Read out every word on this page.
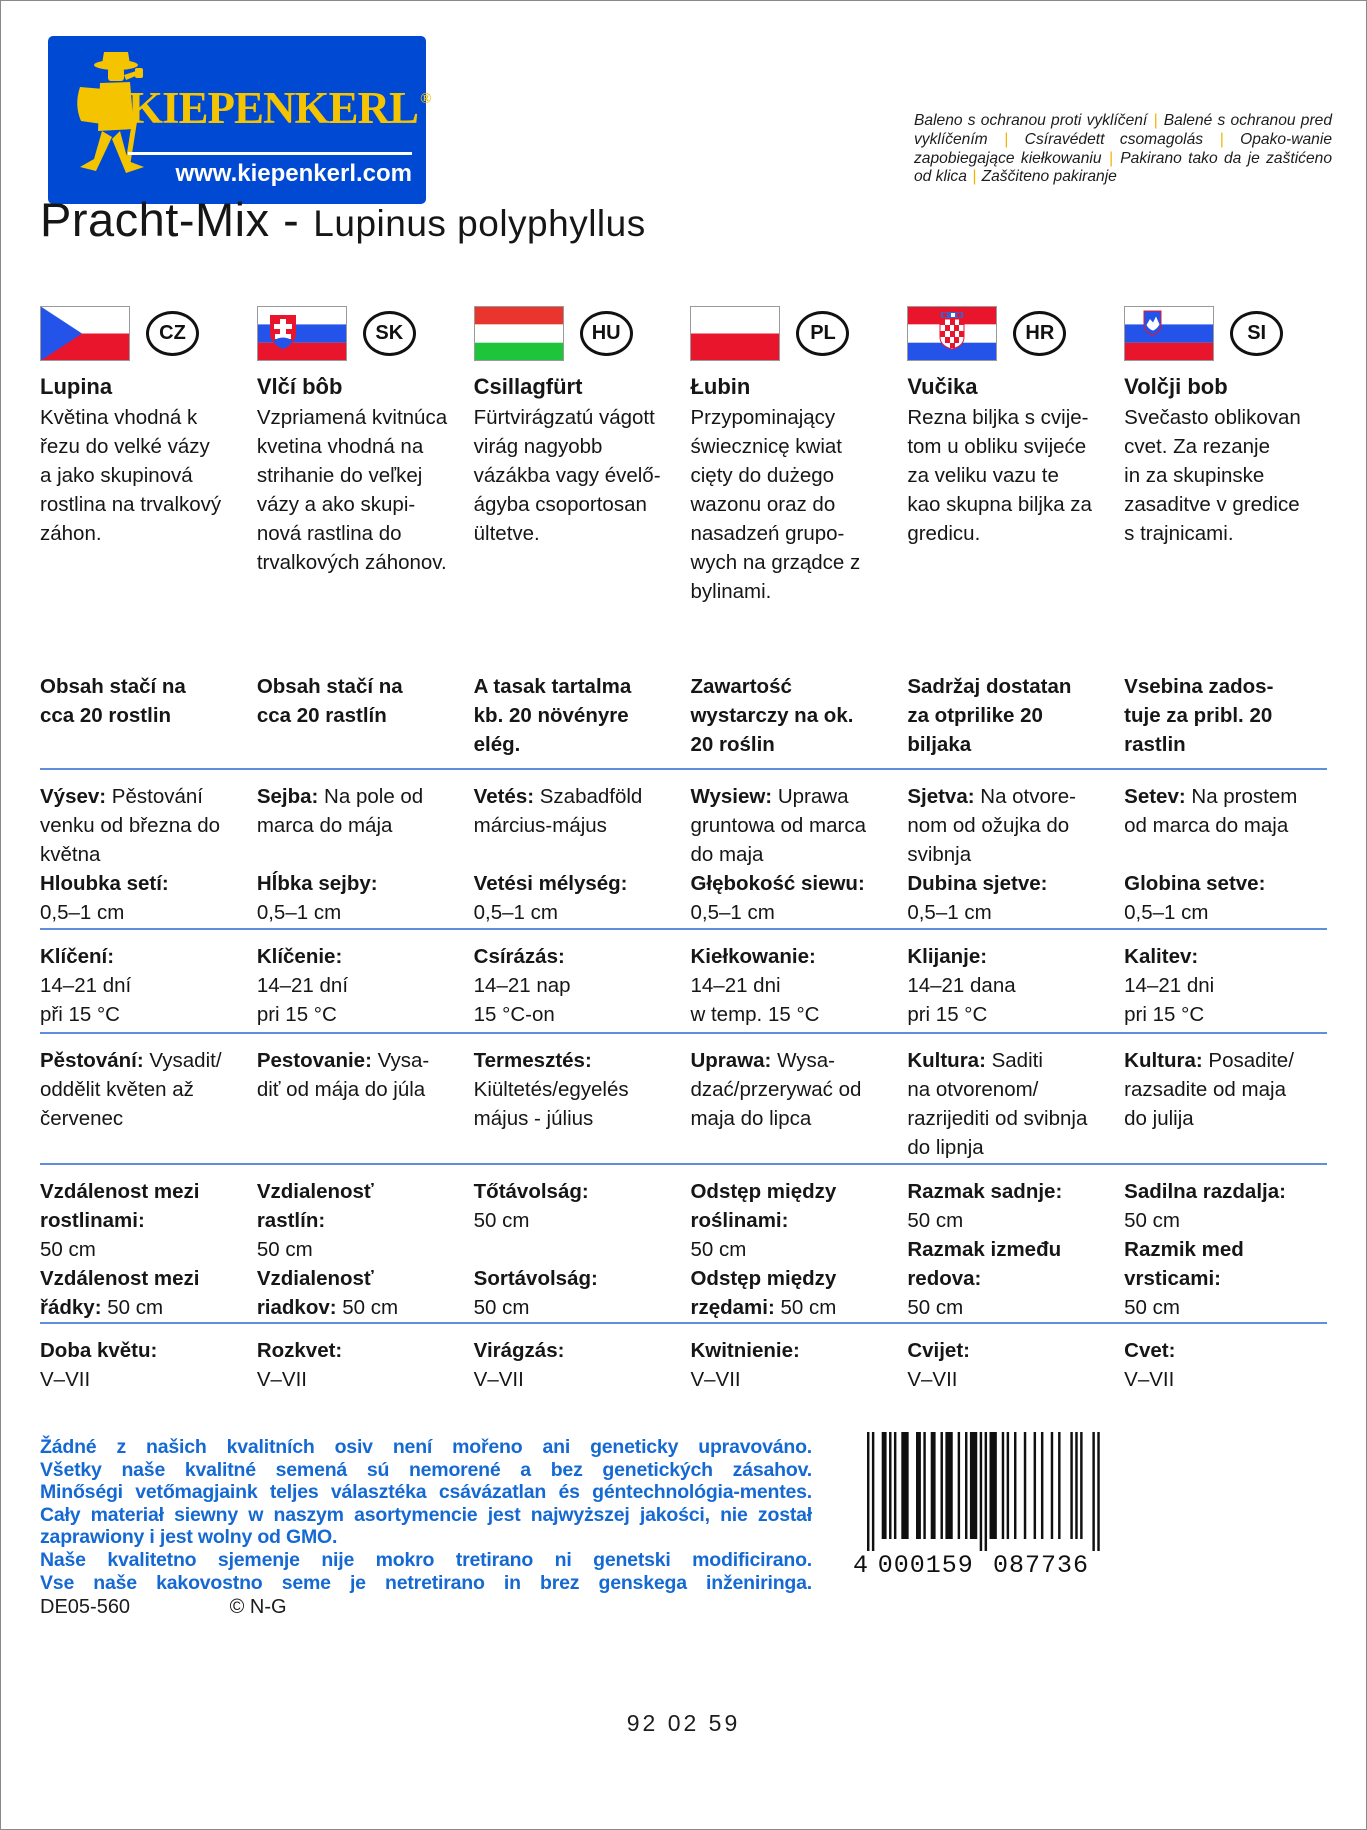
KIEPENKERL ®
www.kiepenkerl.com
Baleno s ochranou proti vyklíčení | Balené s ochranou pred vyklíčením | Csíravédett csomagolás | Opako-wanie zapobiegające kiełkowaniu | Pakirano tako da je zaštićeno od klica | Zaščiteno pakiranje
Pracht-Mix - Lupinus polyphyllus
CZ
Lupina
Květina vhodná k
řezu do velké vázy
a jako skupinová
rostlina na trvalkový
záhon.
SK
Vlčí bôb
Vzpriamená kvitnúca
kvetina vhodná na
strihanie do veľkej
vázy a ako skupi-
nová rastlina do
trvalkových záhonov.
HU
Csillagfürt
Fürtvirágzatú vágott
virág nagyobb
vázákba vagy évelő-
ágyba csoportosan
ültetve.
PL
Łubin
Przypominający
świecznicę kwiat
cięty do dużego
wazonu oraz do
nasadzeń grupo-
wych na grządce z
bylinami.
HR
Vučika
Rezna biljka s cvije-
tom u obliku svijeće
za veliku vazu te
kao skupna biljka za
gredicu.
SI
Volčji bob
Svečasto oblikovan
cvet. Za rezanje
in za skupinske
zasaditve v gredice
s trajnicami.
Obsah stačí na
cca 20 rostlin
Obsah stačí na
cca 20 rastlín
A tasak tartalma
kb. 20 növényre
elég.
Zawartość
wystarczy na ok.
20 roślin
Sadržaj dostatan
za otprilike 20
biljaka
Vsebina zados-
tuje za pribl. 20
rastlin
Výsev: Pěstování
venku od března do
května
Hloubka setí:
0,5–1 cm
Sejba: Na pole od
marca do mája

Hĺbka sejby:
0,5–1 cm
Vetés: Szabadföld
március-május

Vetési mélység:
0,5–1 cm
Wysiew: Uprawa
gruntowa od marca
do maja
Głębokość siewu:
0,5–1 cm
Sjetva: Na otvore-
nom od ožujka do
svibnja
Dubina sjetve:
0,5–1 cm
Setev: Na prostem
od marca do maja

Globina setve:
0,5–1 cm
Klíčení:
14–21 dní
při 15 °C
Klíčenie:
14–21 dní
pri 15 °C
Csírázás:
14–21 nap
15 °C-on
Kiełkowanie:
14–21 dni
w temp. 15 °C
Klijanje:
14–21 dana
pri 15 °C
Kalitev:
14–21 dni
pri 15 °C
Pěstování: Vysadit/
oddělit květen až
červenec
Pestovanie: Vysa-
diť od mája do júla
Termesztés:
Kiültetés/egyelés
május - július
Uprawa: Wysa-
dzać/przerywać od
maja do lipca
Kultura: Saditi
na otvorenom/
razrijediti od svibnja
do lipnja
Kultura: Posadite/
razsadite od maja
do julija
Vzdálenost mezi
rostlinami:
50 cm
Vzdálenost mezi
řádky: 50 cm
Vzdialenosť
rastlín:
50 cm
Vzdialenosť
riadkov: 50 cm
Tőtávolság:
50 cm

Sortávolság:
50 cm
Odstęp między
roślinami:
50 cm
Odstęp między
rzędami: 50 cm
Razmak sadnje:
50 cm
Razmak između
redova:
50 cm
Sadilna razdalja:
50 cm
Razmik med
vrsticami:
50 cm
Doba květu:
V–VII
Rozkvet:
V–VII
Virágzás:
V–VII
Kwitnienie:
V–VII
Cvijet:
V–VII
Cvet:
V–VII
Žádné z našich kvalitních osiv není mořeno ani geneticky upravováno.
Všetky naše kvalitné semená sú nemorené a bez genetických zásahov.
Minőségi vetőmagjaink teljes választéka csávázatlan és géntechnológia-mentes.
Cały materiał siewny w naszym asortymencie jest najwyższej jakości, nie został
zaprawiony i jest wolny od GMO.
Naše kvalitetno sjemenje nije mokro tretirano ni genetski modificirano.
Vse naše kakovostno seme je netretirano in brez genskega inženiringa.
4 000159 087736
DE05-560	© N-G
92 02 59
